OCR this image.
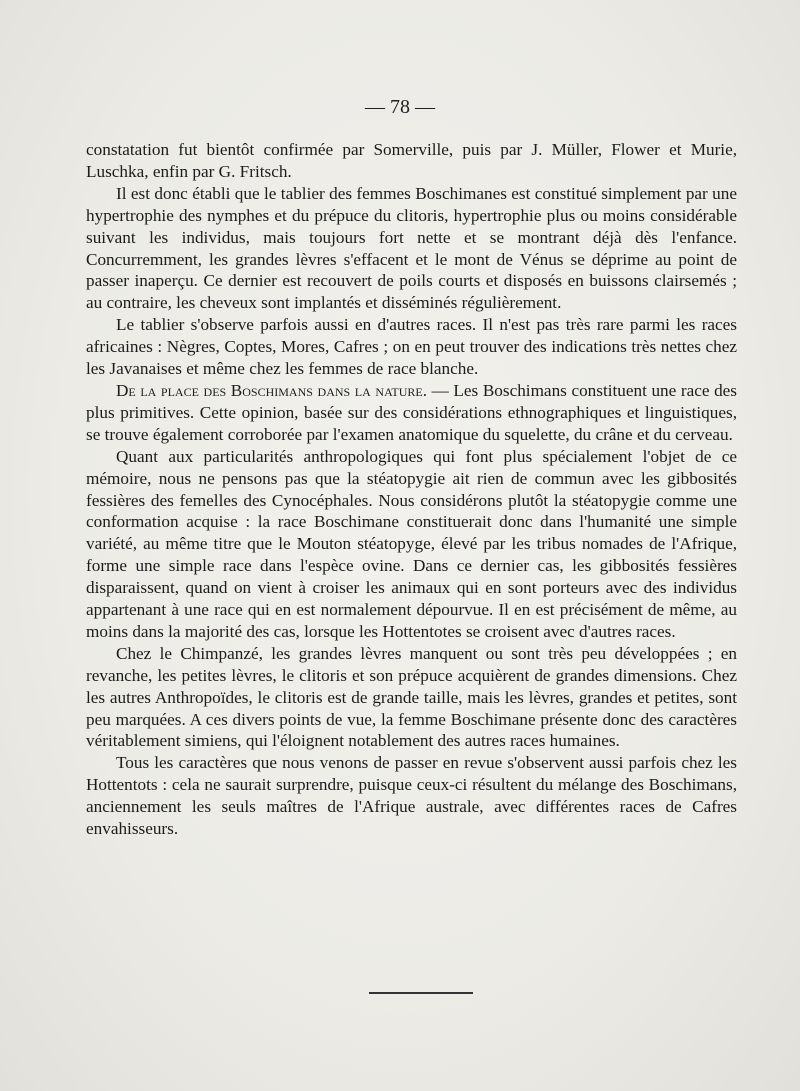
— 78 —

constatation fut bientôt confirmée par Somerville, puis par J. Müller, Flower et Murie, Luschka, enfin par G. Fritsch.

Il est donc établi que le tablier des femmes Boschimanes est constitué simplement par une hypertrophie des nymphes et du prépuce du clitoris, hypertrophie plus ou moins considérable suivant les individus, mais toujours fort nette et se montrant déjà dès l'enfance. Concurremment, les grandes lèvres s'effacent et le mont de Vénus se déprime au point de passer inaperçu. Ce dernier est recouvert de poils courts et disposés en buissons clairsemés ; au contraire, les cheveux sont implantés et disséminés régulièrement.

Le tablier s'observe parfois aussi en d'autres races. Il n'est pas très rare parmi les races africaines : Nègres, Coptes, Mores, Cafres ; on en peut trouver des indications très nettes chez les Javanaises et même chez les femmes de race blanche.

De la place des Boschimans dans la nature. — Les Boschimans constituent une race des plus primitives. Cette opinion, basée sur des considérations ethnographiques et linguistiques, se trouve également corroborée par l'examen anatomique du squelette, du crâne et du cerveau.

Quant aux particularités anthropologiques qui font plus spécialement l'objet de ce mémoire, nous ne pensons pas que la stéatopygie ait rien de commun avec les gibbosités fessières des femelles des Cynocéphales. Nous considérons plutôt la stéatopygie comme une conformation acquise : la race Boschimane constituerait donc dans l'humanité une simple variété, au même titre que le Mouton stéatopyge, élevé par les tribus nomades de l'Afrique, forme une simple race dans l'espèce ovine. Dans ce dernier cas, les gibbosités fessières disparaissent, quand on vient à croiser les animaux qui en sont porteurs avec des individus appartenant à une race qui en est normalement dépourvue. Il en est précisément de même, au moins dans la majorité des cas, lorsque les Hottentotes se croisent avec d'autres races.

Chez le Chimpanzé, les grandes lèvres manquent ou sont très peu développées ; en revanche, les petites lèvres, le clitoris et son prépuce acquièrent de grandes dimensions. Chez les autres Anthropoïdes, le clitoris est de grande taille, mais les lèvres, grandes et petites, sont peu marquées. A ces divers points de vue, la femme Boschimane présente donc des caractères véritablement simiens, qui l'éloignent notablement des autres races humaines.

Tous les caractères que nous venons de passer en revue s'observent aussi parfois chez les Hottentots : cela ne saurait surprendre, puisque ceux-ci résultent du mélange des Boschimans, anciennement les seuls maîtres de l'Afrique australe, avec différentes races de Cafres envahisseurs.
